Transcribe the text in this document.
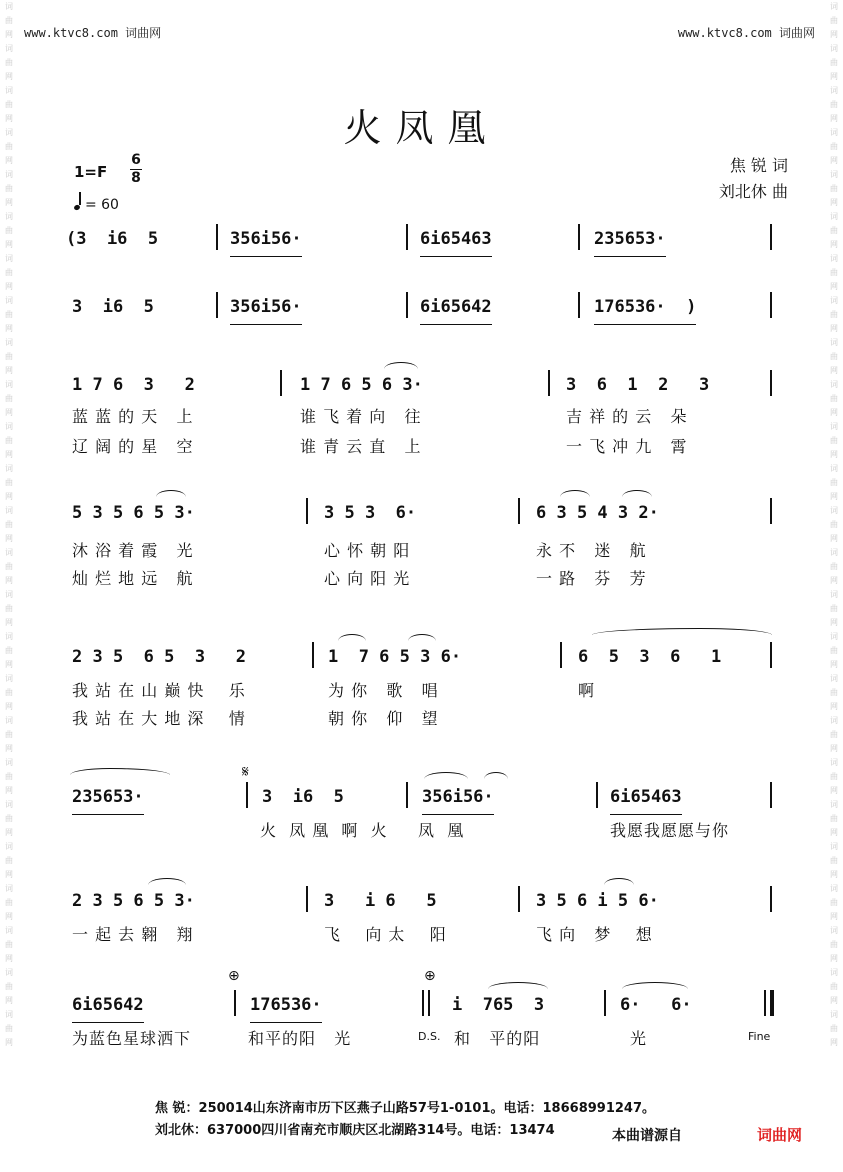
www.ktvc8.com 词曲网	www.ktvc8.com 词曲网
词曲网词曲网词曲网词曲网词曲网词曲网词曲网词曲网词曲网词曲网词曲网词曲网词曲网词曲网词曲网词曲网词曲网词曲网词曲网词曲网词曲网词曲网词曲网词曲网词曲网
词曲网词曲网词曲网词曲网词曲网词曲网词曲网词曲网词曲网词曲网词曲网词曲网词曲网词曲网词曲网词曲网词曲网词曲网词曲网词曲网词曲网词曲网词曲网词曲网词曲网
火凤凰
1=F
6
8
= 60
焦 锐 词
刘北休 曲
(3  i6  5	356i56·	6i65463	235653·
3  i6  5	356i56·	6i65642	176536·  )
1 7 6  3   2	1 7 6 5 6 3·	3  6  1  2   3
蓝 蓝 的 天   上	谁 飞 着 向   往	吉 祥 的 云   朵
辽 阔 的 星   空	谁 青 云 直   上	一 飞 冲 九   霄
5 3 5 6 5 3·	3 5 3  6·	6 3 5 4 3 2·
沐 浴 着 霞   光	心 怀 朝 阳	永 不   迷   航
灿 烂 地 远   航	心 向 阳 光	一 路   芬   芳
2 3 5  6 5  3   2	1  7 6 5 3 6·	6  5  3  6   1
我 站 在 山 巅 快    乐	为 你   歌   唱	啊
我 站 在 大 地 深    情	朝 你   仰   望
𝄋
235653·	3  i6  5	356i56·	6i65463
火  凤 凰  啊  火     凤  凰	我愿我愿愿与你
2 3 5 6 5 3·	3   i 6   5	3 5 6 i 5 6·
一 起 去 翱   翔	飞    向 太    阳	飞 向   梦    想
⊕	⊕
6i65642	176536·	i  765  3	6·   6·
为蓝色星球洒下	和平的阳   光	和   平的阳	光
D.S.	Fine
焦 锐：250014山东济南市历下区燕子山路57号1-0101。电话：18668991247。
刘北休：637000四川省南充市顺庆区北湖路314号。电话：13474	本曲谱源自	词曲网
